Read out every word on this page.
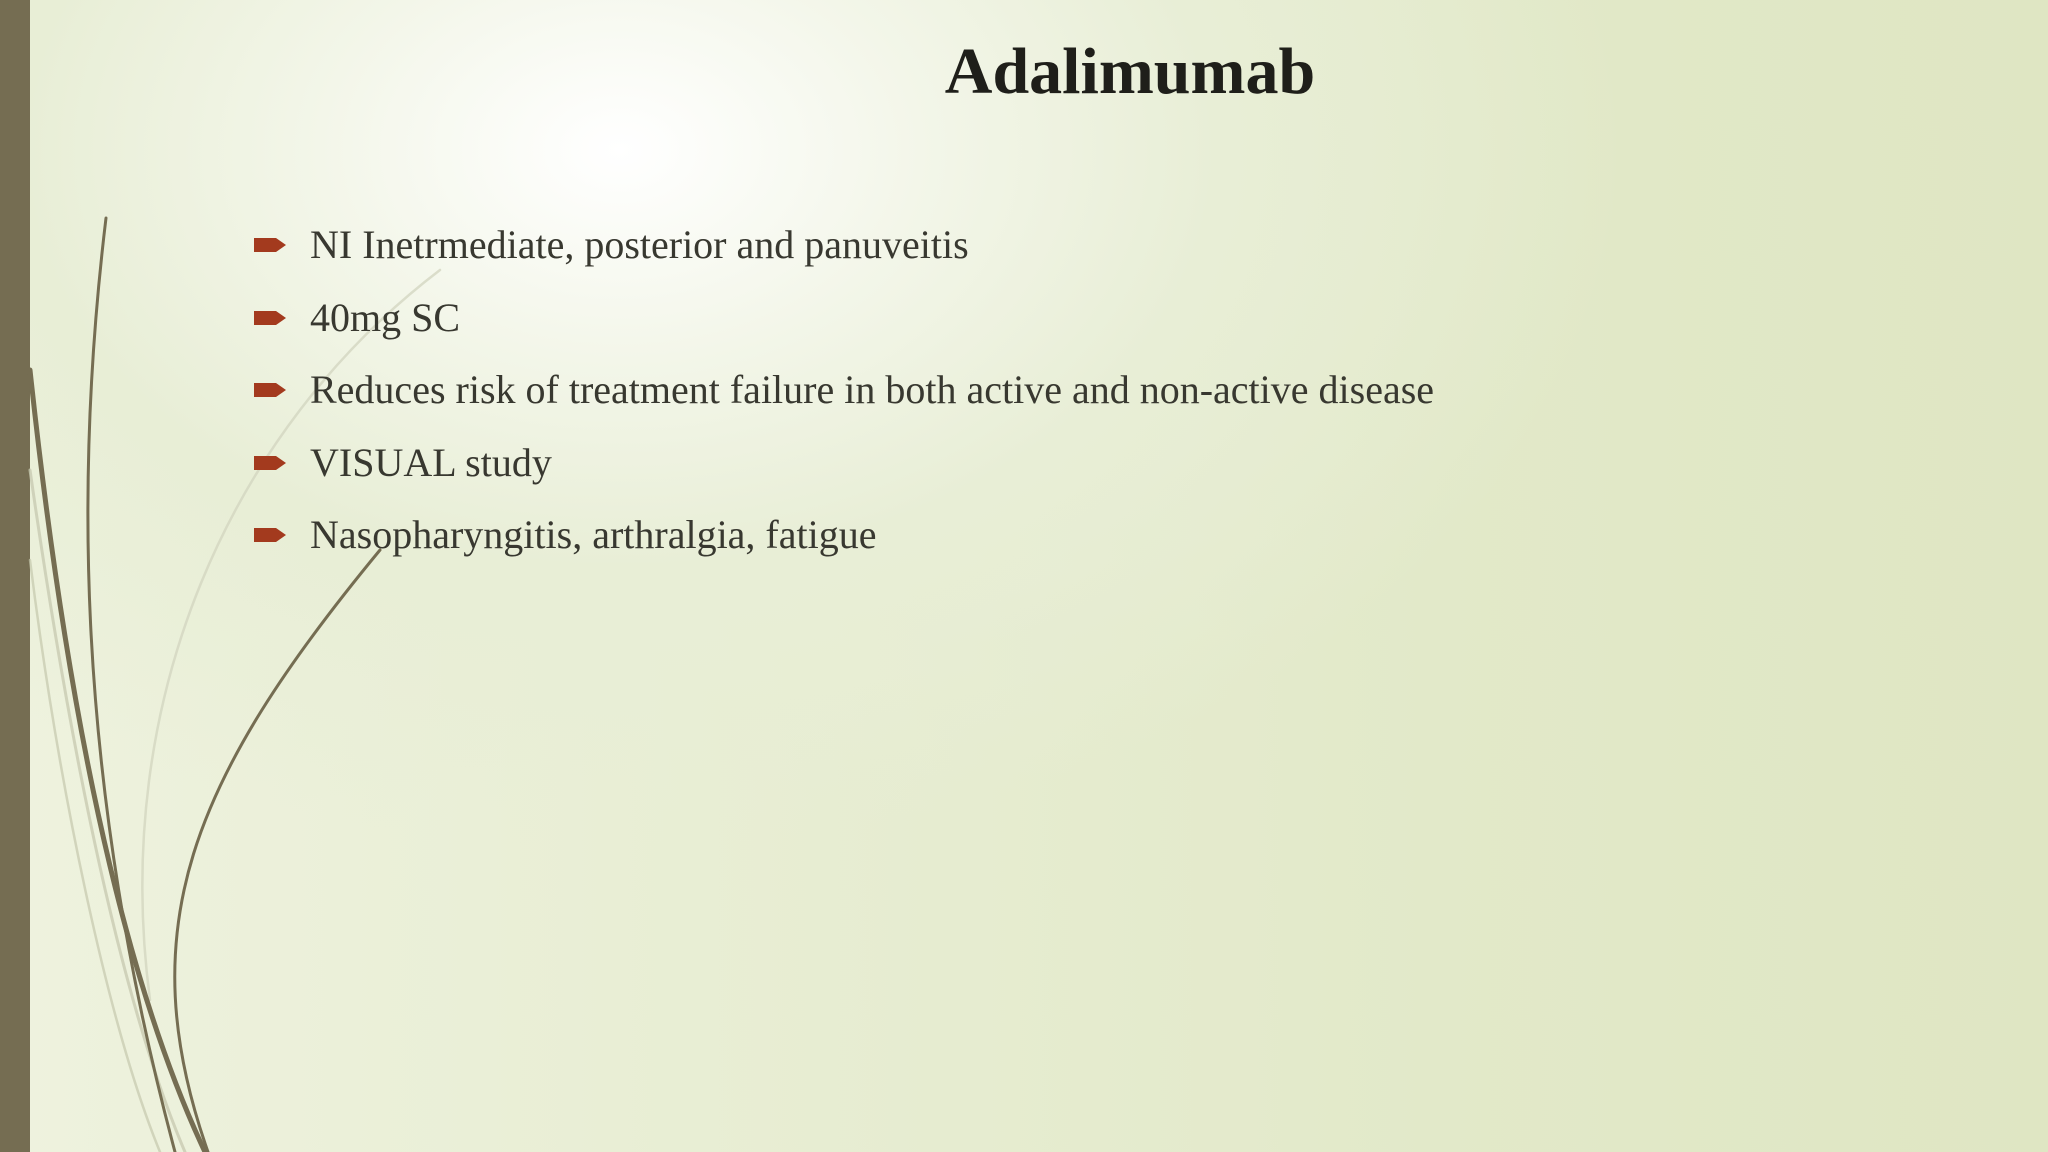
Adalimumab
NI Inetrmediate, posterior and panuveitis
40mg SC
Reduces risk of treatment failure in both active and non-active disease
VISUAL study
Nasopharyngitis, arthralgia, fatigue
